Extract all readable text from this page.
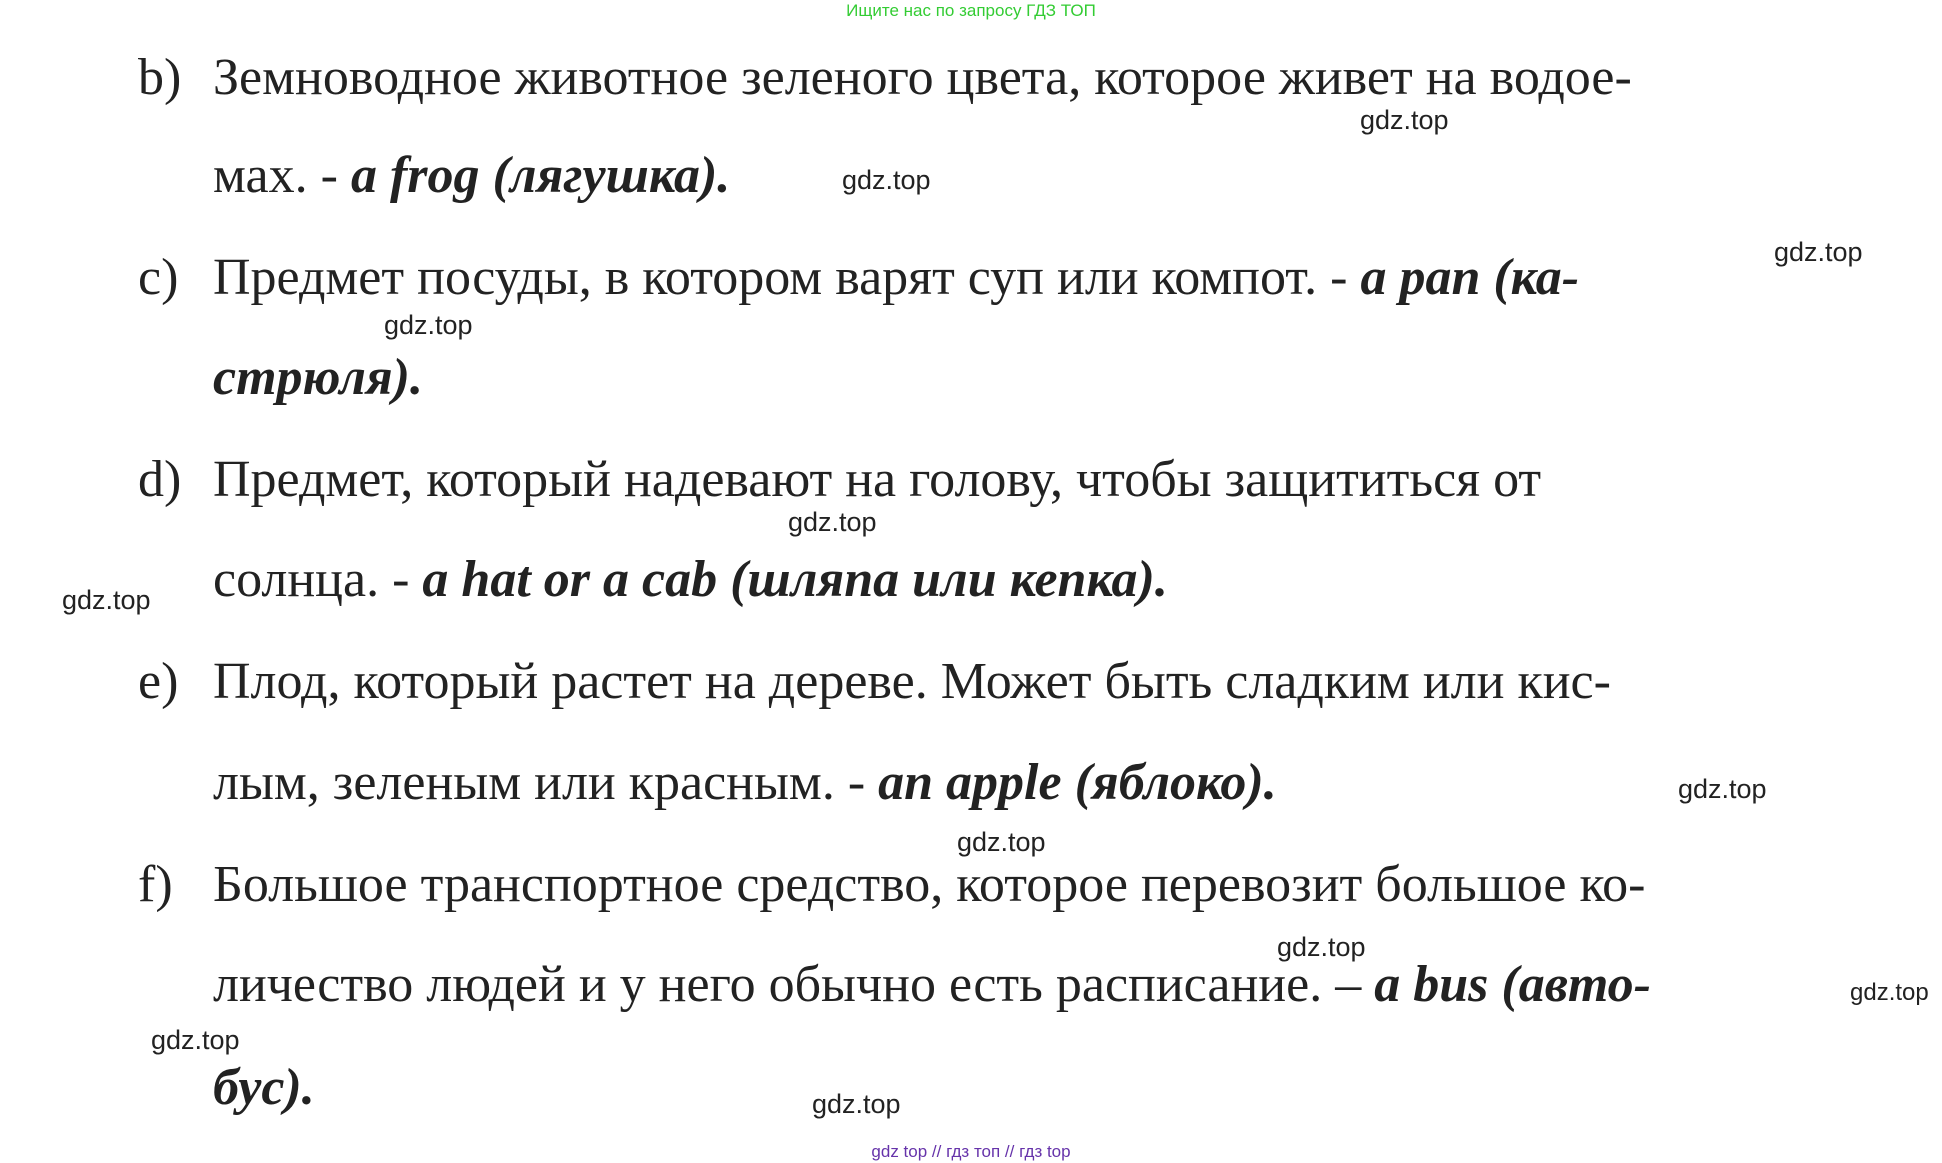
Ищите нас по запросу ГДЗ ТОП
b) Земноводное животное зеленого цвета, которое живет на водое-
мах. - a frog (лягушка).
c) Предмет посуды, в котором варят суп или компот. - a pan (ка-
стрюля).
d) Предмет, который надевают на голову, чтобы защититься от
солнца. - a hat or a cab (шляпа или кепка).
e) Плод, который растет на дереве. Может быть сладким или кис-
лым, зеленым или красным. - an apple (яблоко).
f) Большое транспортное средство, которое перевозит большое ко-
личество людей и у него обычно есть расписание. – a bus (авто-
бус).
gdz.top
gdz.top
gdz.top
gdz.top
gdz.top
gdz.top
gdz.top
gdz.top
gdz.top
gdz.top
gdz.top
gdz.top
gdz top // гдз топ // гдз top
